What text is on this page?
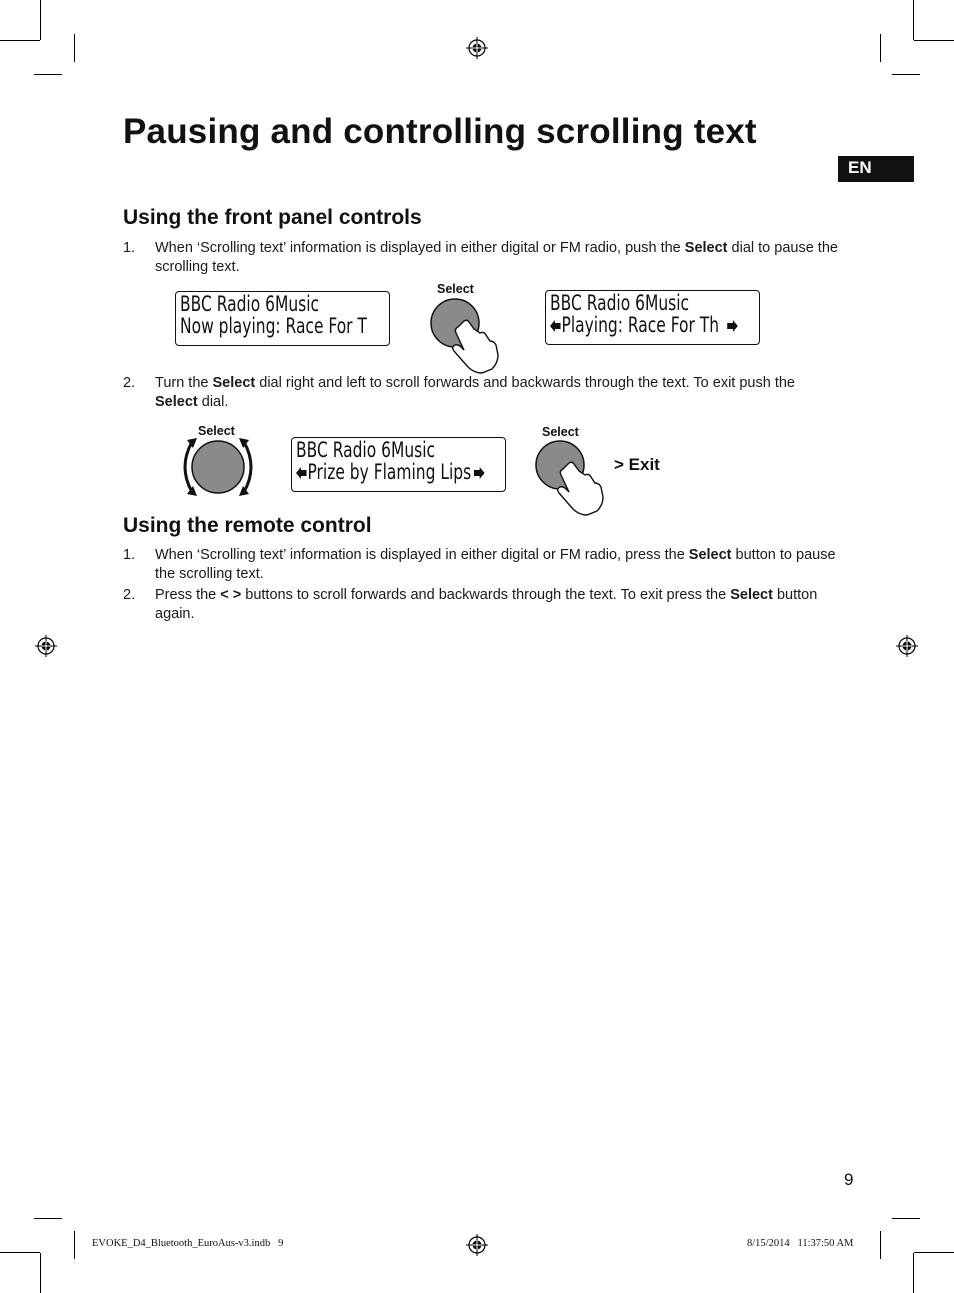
Pausing and controlling scrolling text
EN
Using the front panel controls
1. When ‘Scrolling text’ information is displayed in either digital or FM radio, push the Select dial to pause the scrolling text.
BBC Radio 6Music
Now playing: Race For T
Select
BBC Radio 6Music
Playing: Race For Th
2. Turn the Select dial right and left to scroll forwards and backwards through the text. To exit push the Select dial.
Select
BBC Radio 6Music
Prize by Flaming Lips
Select
> Exit
Using the remote control
1. When ‘Scrolling text’ information is displayed in either digital or FM radio, press the Select button to pause the scrolling text.
2. Press the < > buttons to scroll forwards and backwards through the text. To exit press the Select button again.
9
EVOKE_D4_Bluetooth_EuroAus-v3.indb   9	8/15/2014   11:37:50 AM
